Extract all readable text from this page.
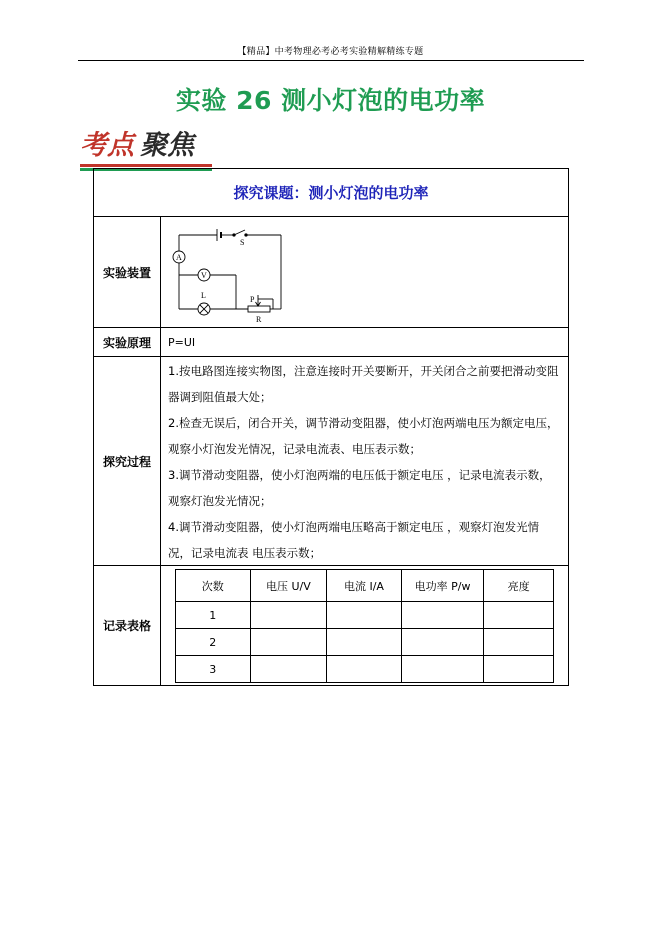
【精品】中考物理必考必考实验精解精练专题
实验 26 测小灯泡的电功率
考点 聚焦
探究课题：测小灯泡的电功率
实验装置
A
V
S
L	P
R
实验原理	P=UI
探究过程

1.按电路图连接实物图，注意连接时开关要断开，开关闭合之前要把滑动变阻器调到阻值最大处；

2.检查无误后，闭合开关，调节滑动变阻器，使小灯泡两端电压为额定电压，观察小灯泡发光情况，记录电流表、电压表示数；

3.调节滑动变阻器，使小灯泡两端的电压低于额定电压 ，记录电流表示数，观察灯泡发光情况；

4.调节滑动变阻器，使小灯泡两端电压略高于额定电压 ，观察灯泡发光情况，记录电流表 电压表示数；

记录表格
次数	电压 U/V	电流 I/A	电功率 P/w	亮度
1				
2				
3				
